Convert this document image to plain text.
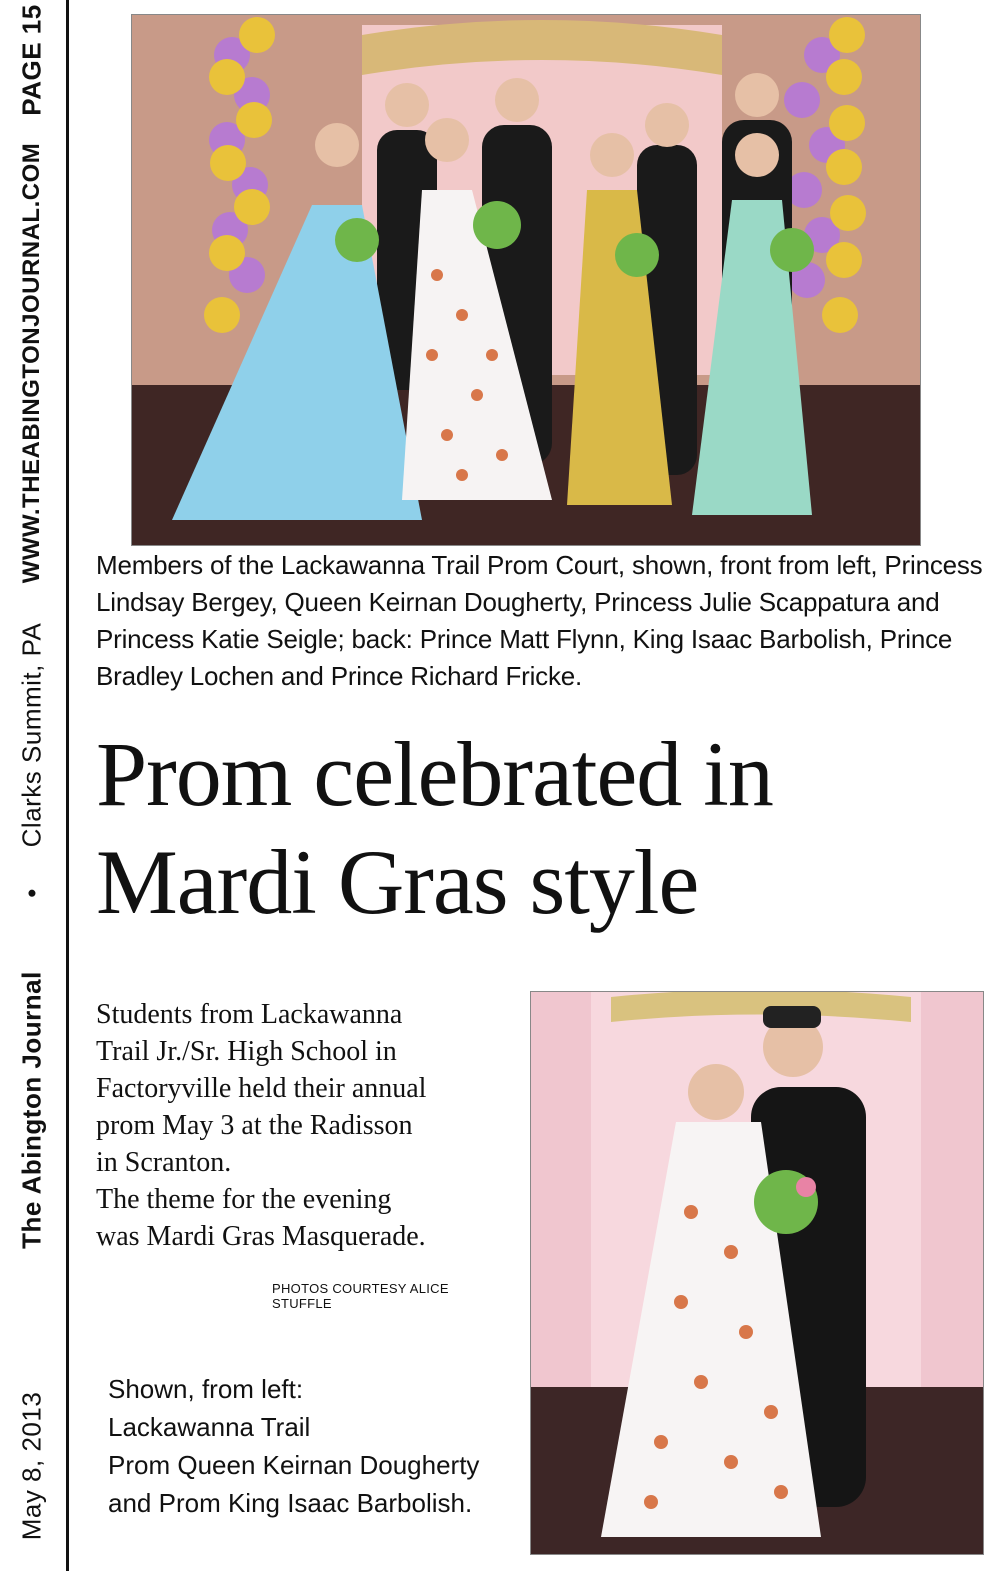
PAGE 15
WWW.THEABINGTONJOURNAL.COM
Clarks Summit, PA
•
The Abington Journal
May 8, 2013
Members of the Lackawanna Trail Prom Court, shown, front from left, Princess Lindsay Bergey, Queen Keirnan Dougherty, Princess Julie Scappatura and Princess Katie Seigle; back: Prince Matt Flynn, King Isaac Barbolish, Prince Bradley Lochen and Prince Richard Fricke.
Prom celebrated in
Mardi Gras style
Students from Lackawanna
Trail Jr./Sr. High School in
Factoryville held their annual
prom May 3 at the Radisson
in Scranton.
The theme for the evening
was Mardi Gras Masquerade.
PHOTOS COURTESY ALICE STUFFLE
Shown, from left:
Lackawanna Trail
Prom Queen Keirnan Dougherty
and Prom King Isaac Barbolish.
